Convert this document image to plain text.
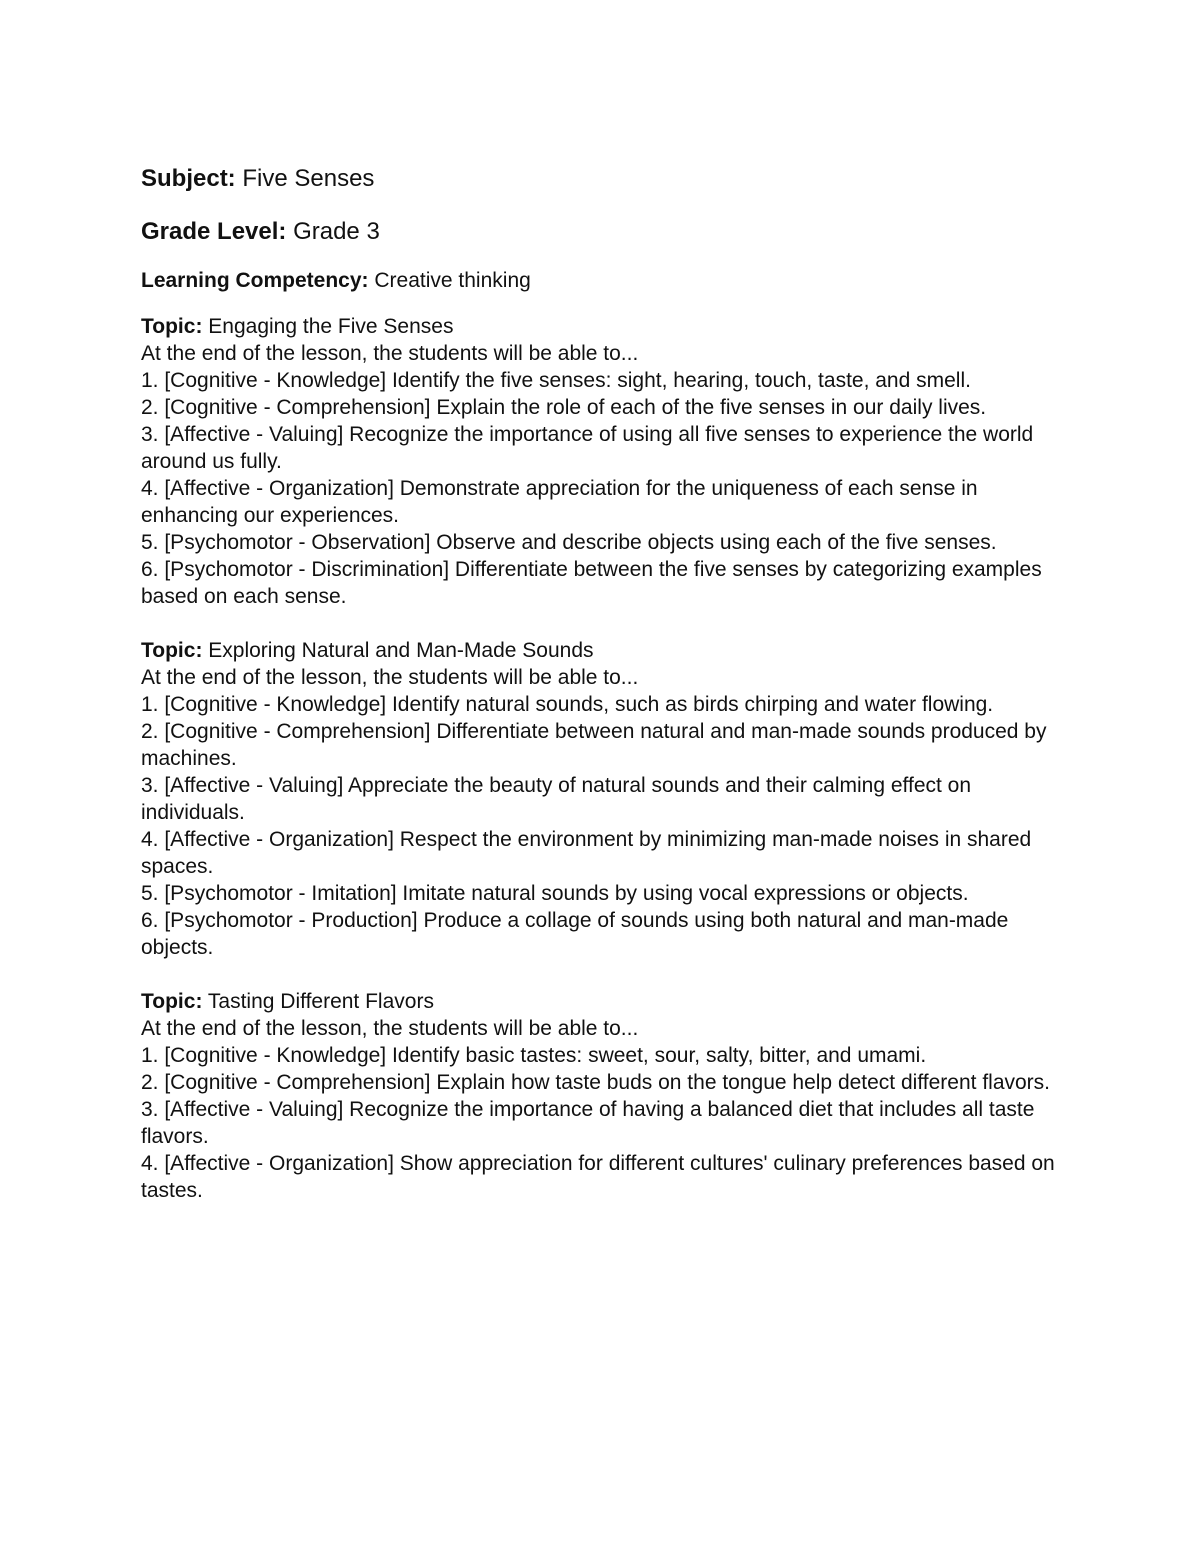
Subject: Five Senses

Grade Level: Grade 3

Learning Competency: Creative thinking

Topic: Engaging the Five Senses

At the end of the lesson, the students will be able to...

1. [Cognitive - Knowledge] Identify the five senses: sight, hearing, touch, taste, and smell.
2. [Cognitive - Comprehension] Explain the role of each of the five senses in our daily lives.
3. [Affective - Valuing] Recognize the importance of using all five senses to experience the world around us fully.
4. [Affective - Organization] Demonstrate appreciation for the uniqueness of each sense in enhancing our experiences.
5. [Psychomotor - Observation] Observe and describe objects using each of the five senses.
6. [Psychomotor - Discrimination] Differentiate between the five senses by categorizing examples based on each sense.

Topic: Exploring Natural and Man-Made Sounds

At the end of the lesson, the students will be able to...

1. [Cognitive - Knowledge] Identify natural sounds, such as birds chirping and water flowing.
2. [Cognitive - Comprehension] Differentiate between natural and man-made sounds produced by machines.
3. [Affective - Valuing] Appreciate the beauty of natural sounds and their calming effect on individuals.
4. [Affective - Organization] Respect the environment by minimizing man-made noises in shared spaces.
5. [Psychomotor - Imitation] Imitate natural sounds by using vocal expressions or objects.
6. [Psychomotor - Production] Produce a collage of sounds using both natural and man-made objects.

Topic: Tasting Different Flavors

At the end of the lesson, the students will be able to...

1. [Cognitive - Knowledge] Identify basic tastes: sweet, sour, salty, bitter, and umami.
2. [Cognitive - Comprehension] Explain how taste buds on the tongue help detect different flavors.
3. [Affective - Valuing] Recognize the importance of having a balanced diet that includes all taste flavors.
4. [Affective - Organization] Show appreciation for different cultures' culinary preferences based on tastes.
